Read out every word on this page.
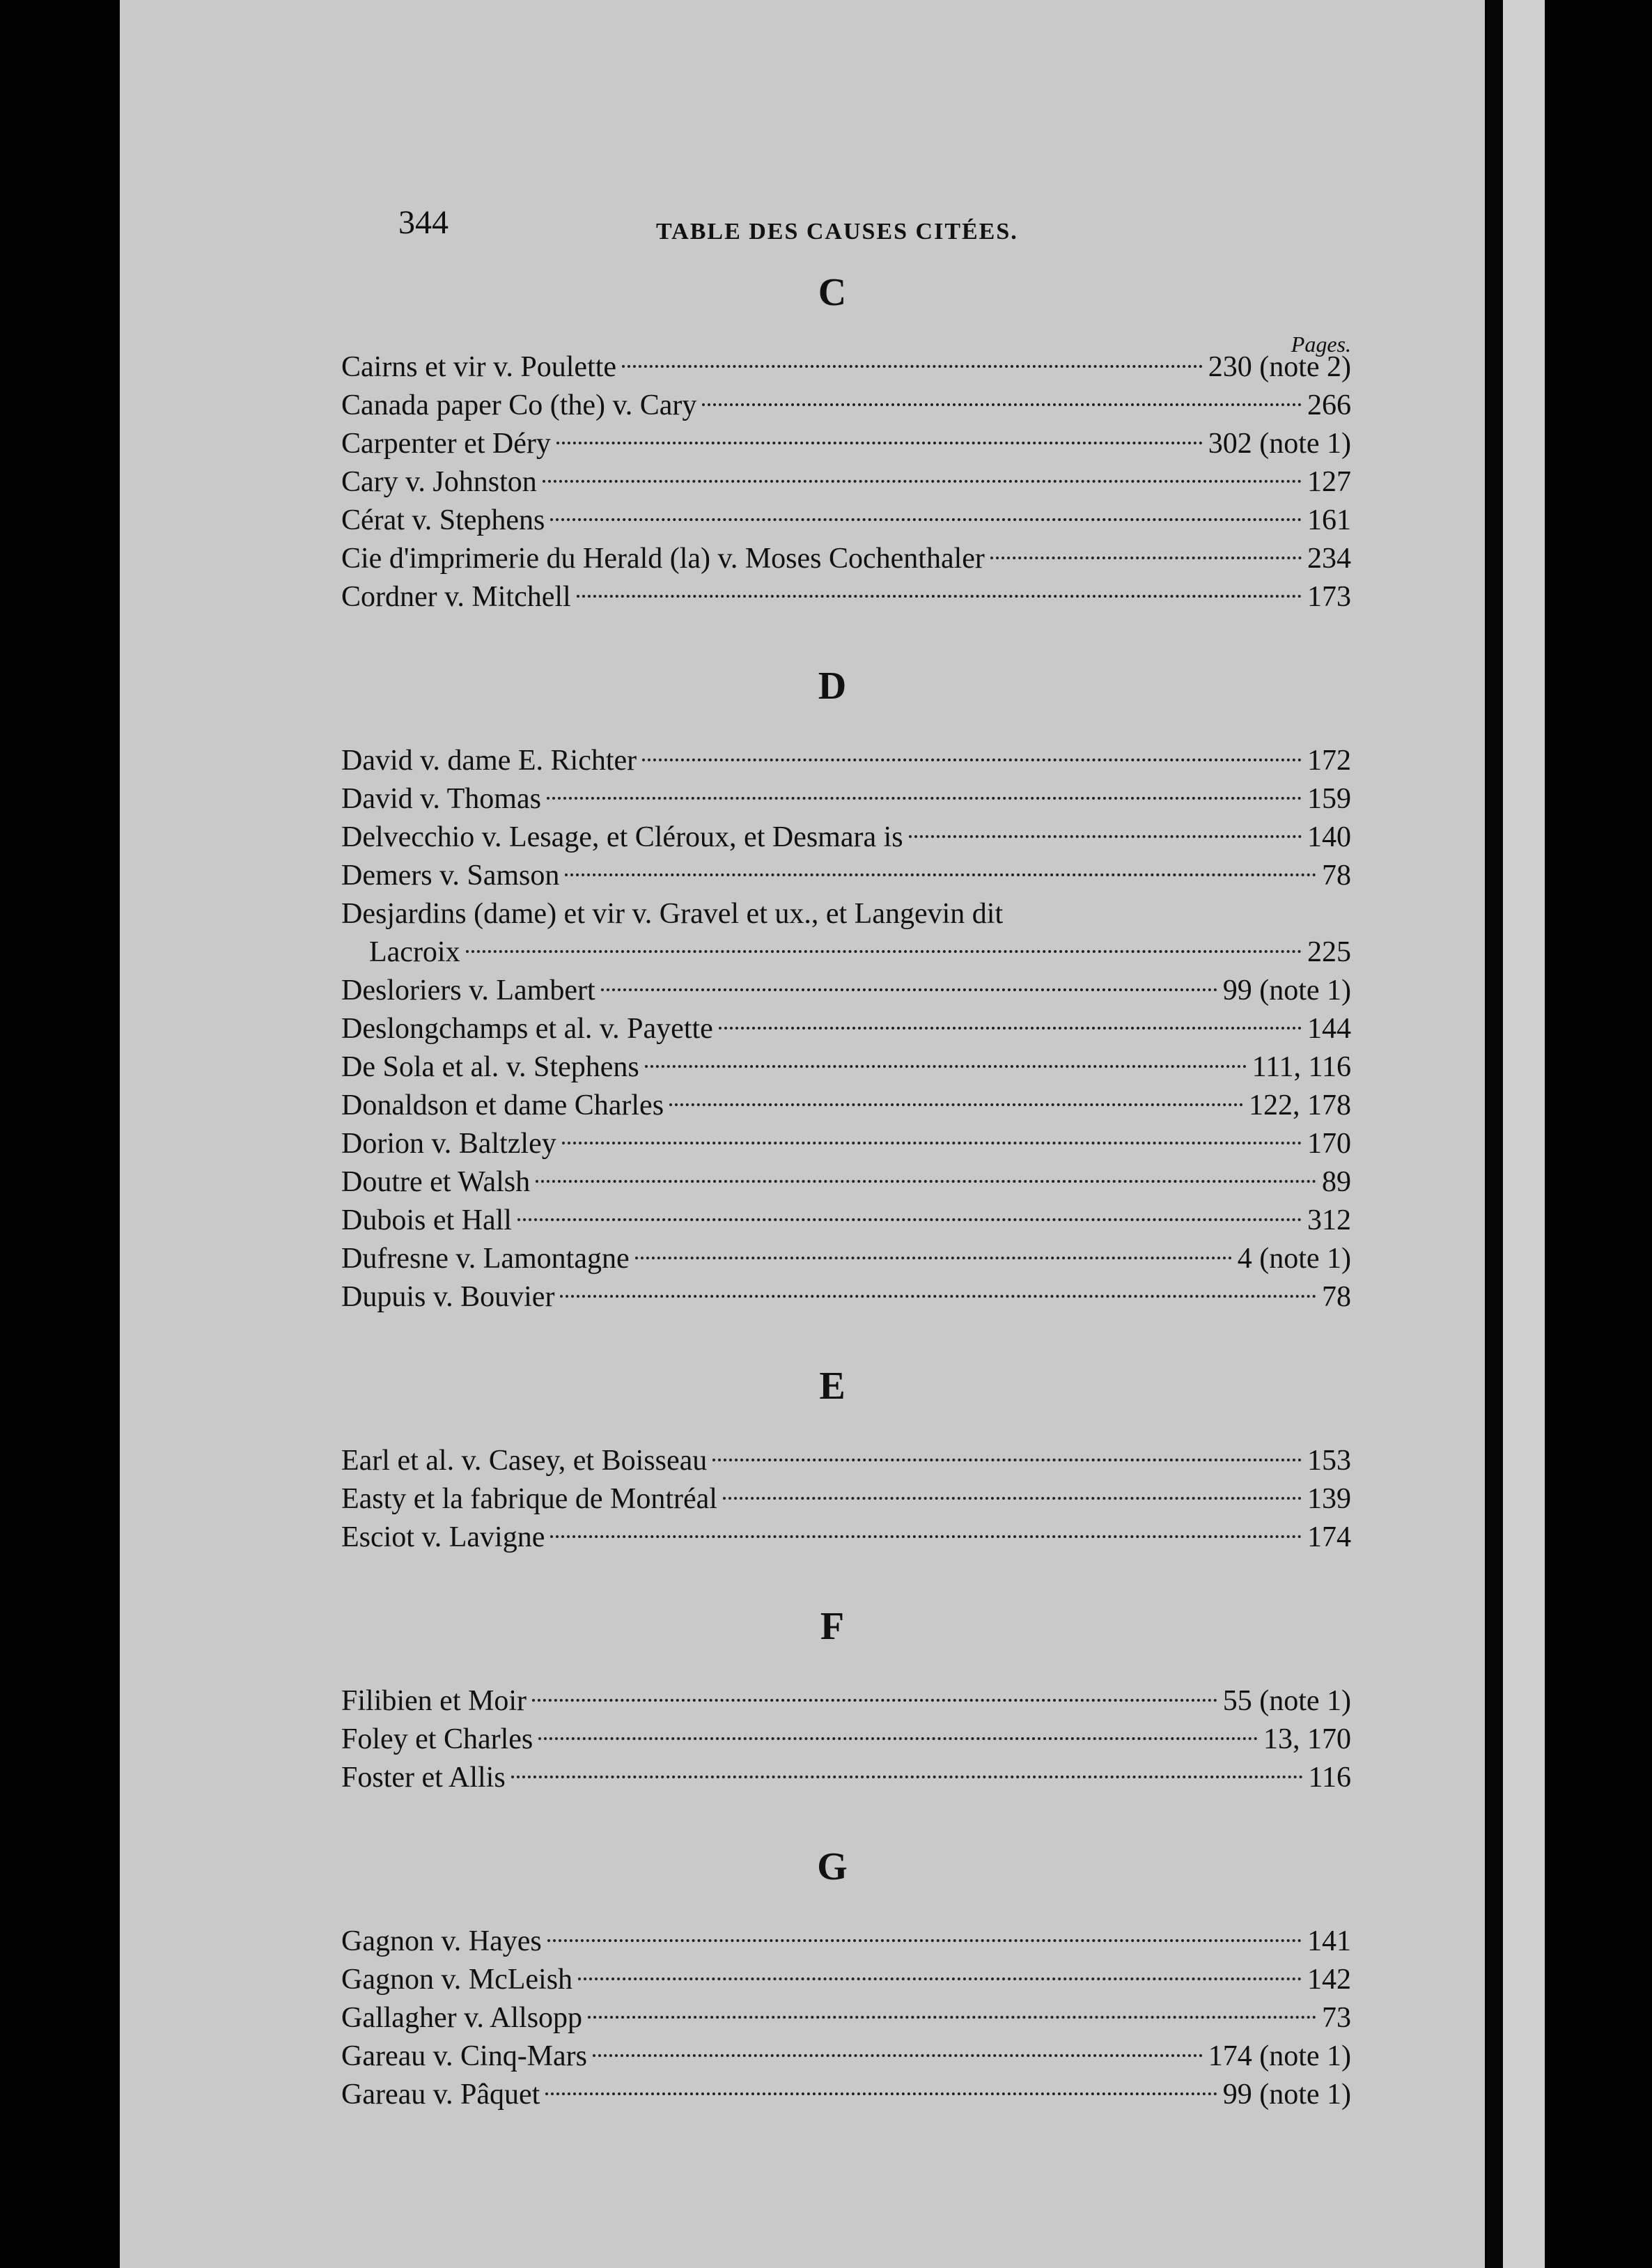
344	TABLE DES CAUSES CITÉES.
C
Pages.
Cairns et vir v. Poulette	230 (note 2)
Canada paper Co (the) v. Cary	266
Carpenter et Déry	302 (note 1)
Cary v. Johnston	127
Cérat v. Stephens	161
Cie d'imprimerie du Herald (la) v. Moses Cochenthaler	234
Cordner v. Mitchell	173
D
David v. dame E. Richter	172
David v. Thomas	159
Delvecchio v. Lesage, et Cléroux, et Desmara is	140
Demers v. Samson	78
Desjardins (dame) et vir v. Gravel et ux., et Langevin dit
Lacroix	225
Desloriers v. Lambert	99 (note 1)
Deslongchamps et al. v. Payette	144
De Sola et al. v. Stephens	111, 116
Donaldson et dame Charles	122, 178
Dorion v. Baltzley	170
Doutre et Walsh	89
Dubois et Hall	312
Dufresne v. Lamontagne	4 (note 1)
Dupuis v. Bouvier	78
E
Earl et al. v. Casey, et Boisseau	153
Easty et la fabrique de Montréal	139
Esciot v. Lavigne	174
F
Filibien et Moir	55 (note 1)
Foley et Charles	13, 170
Foster et Allis	116
G
Gagnon v. Hayes	141
Gagnon v. McLeish	142
Gallagher v. Allsopp	73
Gareau v. Cinq-Mars	174 (note 1)
Gareau v. Pâquet	99 (note 1)
